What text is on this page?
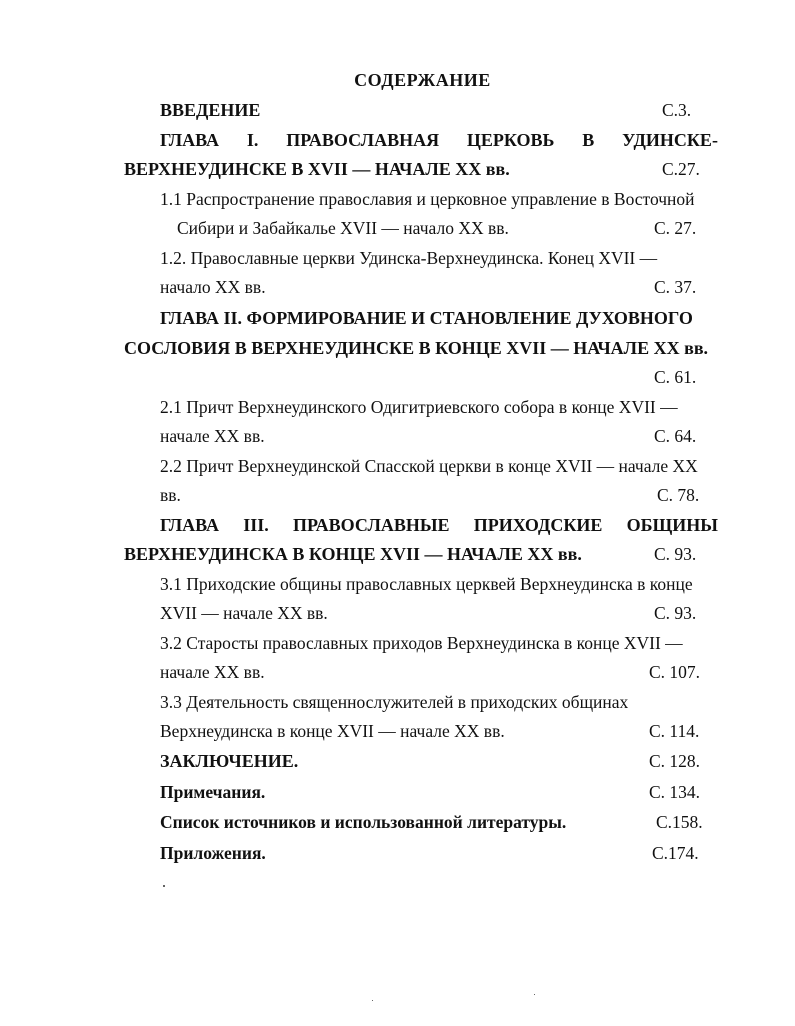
СОДЕРЖАНИЕ
ВВЕДЕНИЕ	С.3.
ГЛАВА I. ПРАВОСЛАВНАЯ ЦЕРКОВЬ В УДИНСКЕ-
ВЕРХНЕУДИНСКЕ В XVII — НАЧАЛЕ XX вв.	С.27.
1.1 Распространение православия и церковное управление в Восточной
Сибири и Забайкалье XVII — начало XX вв.	С. 27.
1.2. Православные церкви Удинска-Верхнеудинска. Конец XVII —
начало XX вв.	С. 37.
ГЛАВА II. ФОРМИРОВАНИЕ И СТАНОВЛЕНИЕ ДУХОВНОГО
СОСЛОВИЯ В ВЕРХНЕУДИНСКЕ В КОНЦЕ XVII — НАЧАЛЕ XX вв.
С. 61.
2.1 Причт Верхнеудинского Одигитриевского собора в конце XVII —
начале XX вв.	С. 64.
2.2 Причт Верхнеудинской Спасской церкви в конце XVII — начале XX
вв.	С. 78.
ГЛАВА III. ПРАВОСЛАВНЫЕ ПРИХОДСКИЕ ОБЩИНЫ
ВЕРХНЕУДИНСКА В КОНЦЕ XVII — НАЧАЛЕ XX вв.	С. 93.
3.1 Приходские общины православных церквей Верхнеудинска в конце
XVII — начале XX вв.	С. 93.
3.2 Старосты православных приходов Верхнеудинска в конце XVII —
начале XX вв.	С. 107.
3.3 Деятельность священнослужителей в приходских общинах
Верхнеудинска в конце XVII — начале XX вв.	С. 114.
ЗАКЛЮЧЕНИЕ.	С. 128.
Примечания.	С. 134.
Список источников и использованной литературы.	С.158.
Приложения.	С.174.
